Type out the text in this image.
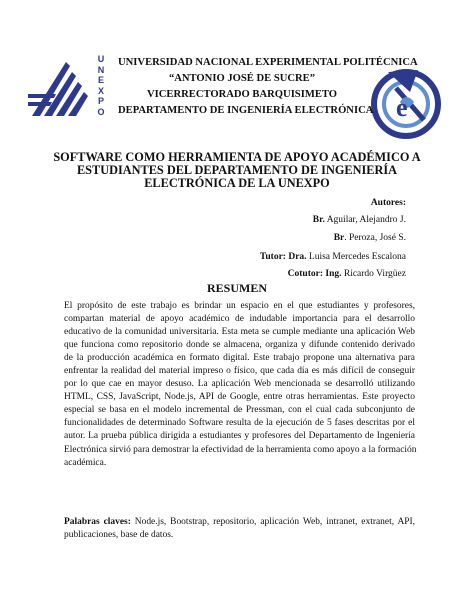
U
N
E
X
P
O	e
UNIVERSIDAD NACIONAL EXPERIMENTAL POLITÉCNICA
“ANTONIO JOSÉ DE SUCRE”
VICERRECTORADO BARQUISIMETO
DEPARTAMENTO DE INGENIERÍA ELECTRÓNICA
SOFTWARE COMO HERRAMIENTA DE APOYO ACADÉMICO A
ESTUDIANTES DEL DEPARTAMENTO DE INGENIERÍA
ELECTRÓNICA DE LA UNEXPO
Autores:
Br. Aguilar, Alejandro J.
Br. Peroza, José S.
Tutor: Dra. Luisa Mercedes Escalona
Cotutor: Ing. Ricardo Virgüez
RESUMEN
El propósito de este trabajo es brindar un espacio en el que estudiantes y profesores,
compartan material de apoyo académico de indudable importancia para el desarrollo
educativo de la comunidad universitaria. Esta meta se cumple mediante una aplicación Web
que funciona como repositorio donde se almacena, organiza y difunde contenido derivado
de la producción académica en formato digital. Este trabajo propone una alternativa para
enfrentar la realidad del material impreso o físico, que cada día es más difícil de conseguir
por lo que cae en mayor desuso. La aplicación Web mencionada se desarrolló utilizando
HTML, CSS, JavaScript, Node.js, API de Google, entre otras herramientas. Este proyecto
especial se basa en el modelo incremental de Pressman, con el cual cada subconjunto de
funcionalidades de determinado Software resulta de la ejecución de 5 fases descritas por el
autor. La prueba pública dirigida a estudiantes y profesores del Departamento de Ingeniería
Electrónica sirvió para demostrar la efectividad de la herramienta como apoyo a la formación
académica.
Palabras claves: Node.js, Bootstrap, repositorio, aplicación Web, intranet, extranet, API,
publicaciones, base de datos.
